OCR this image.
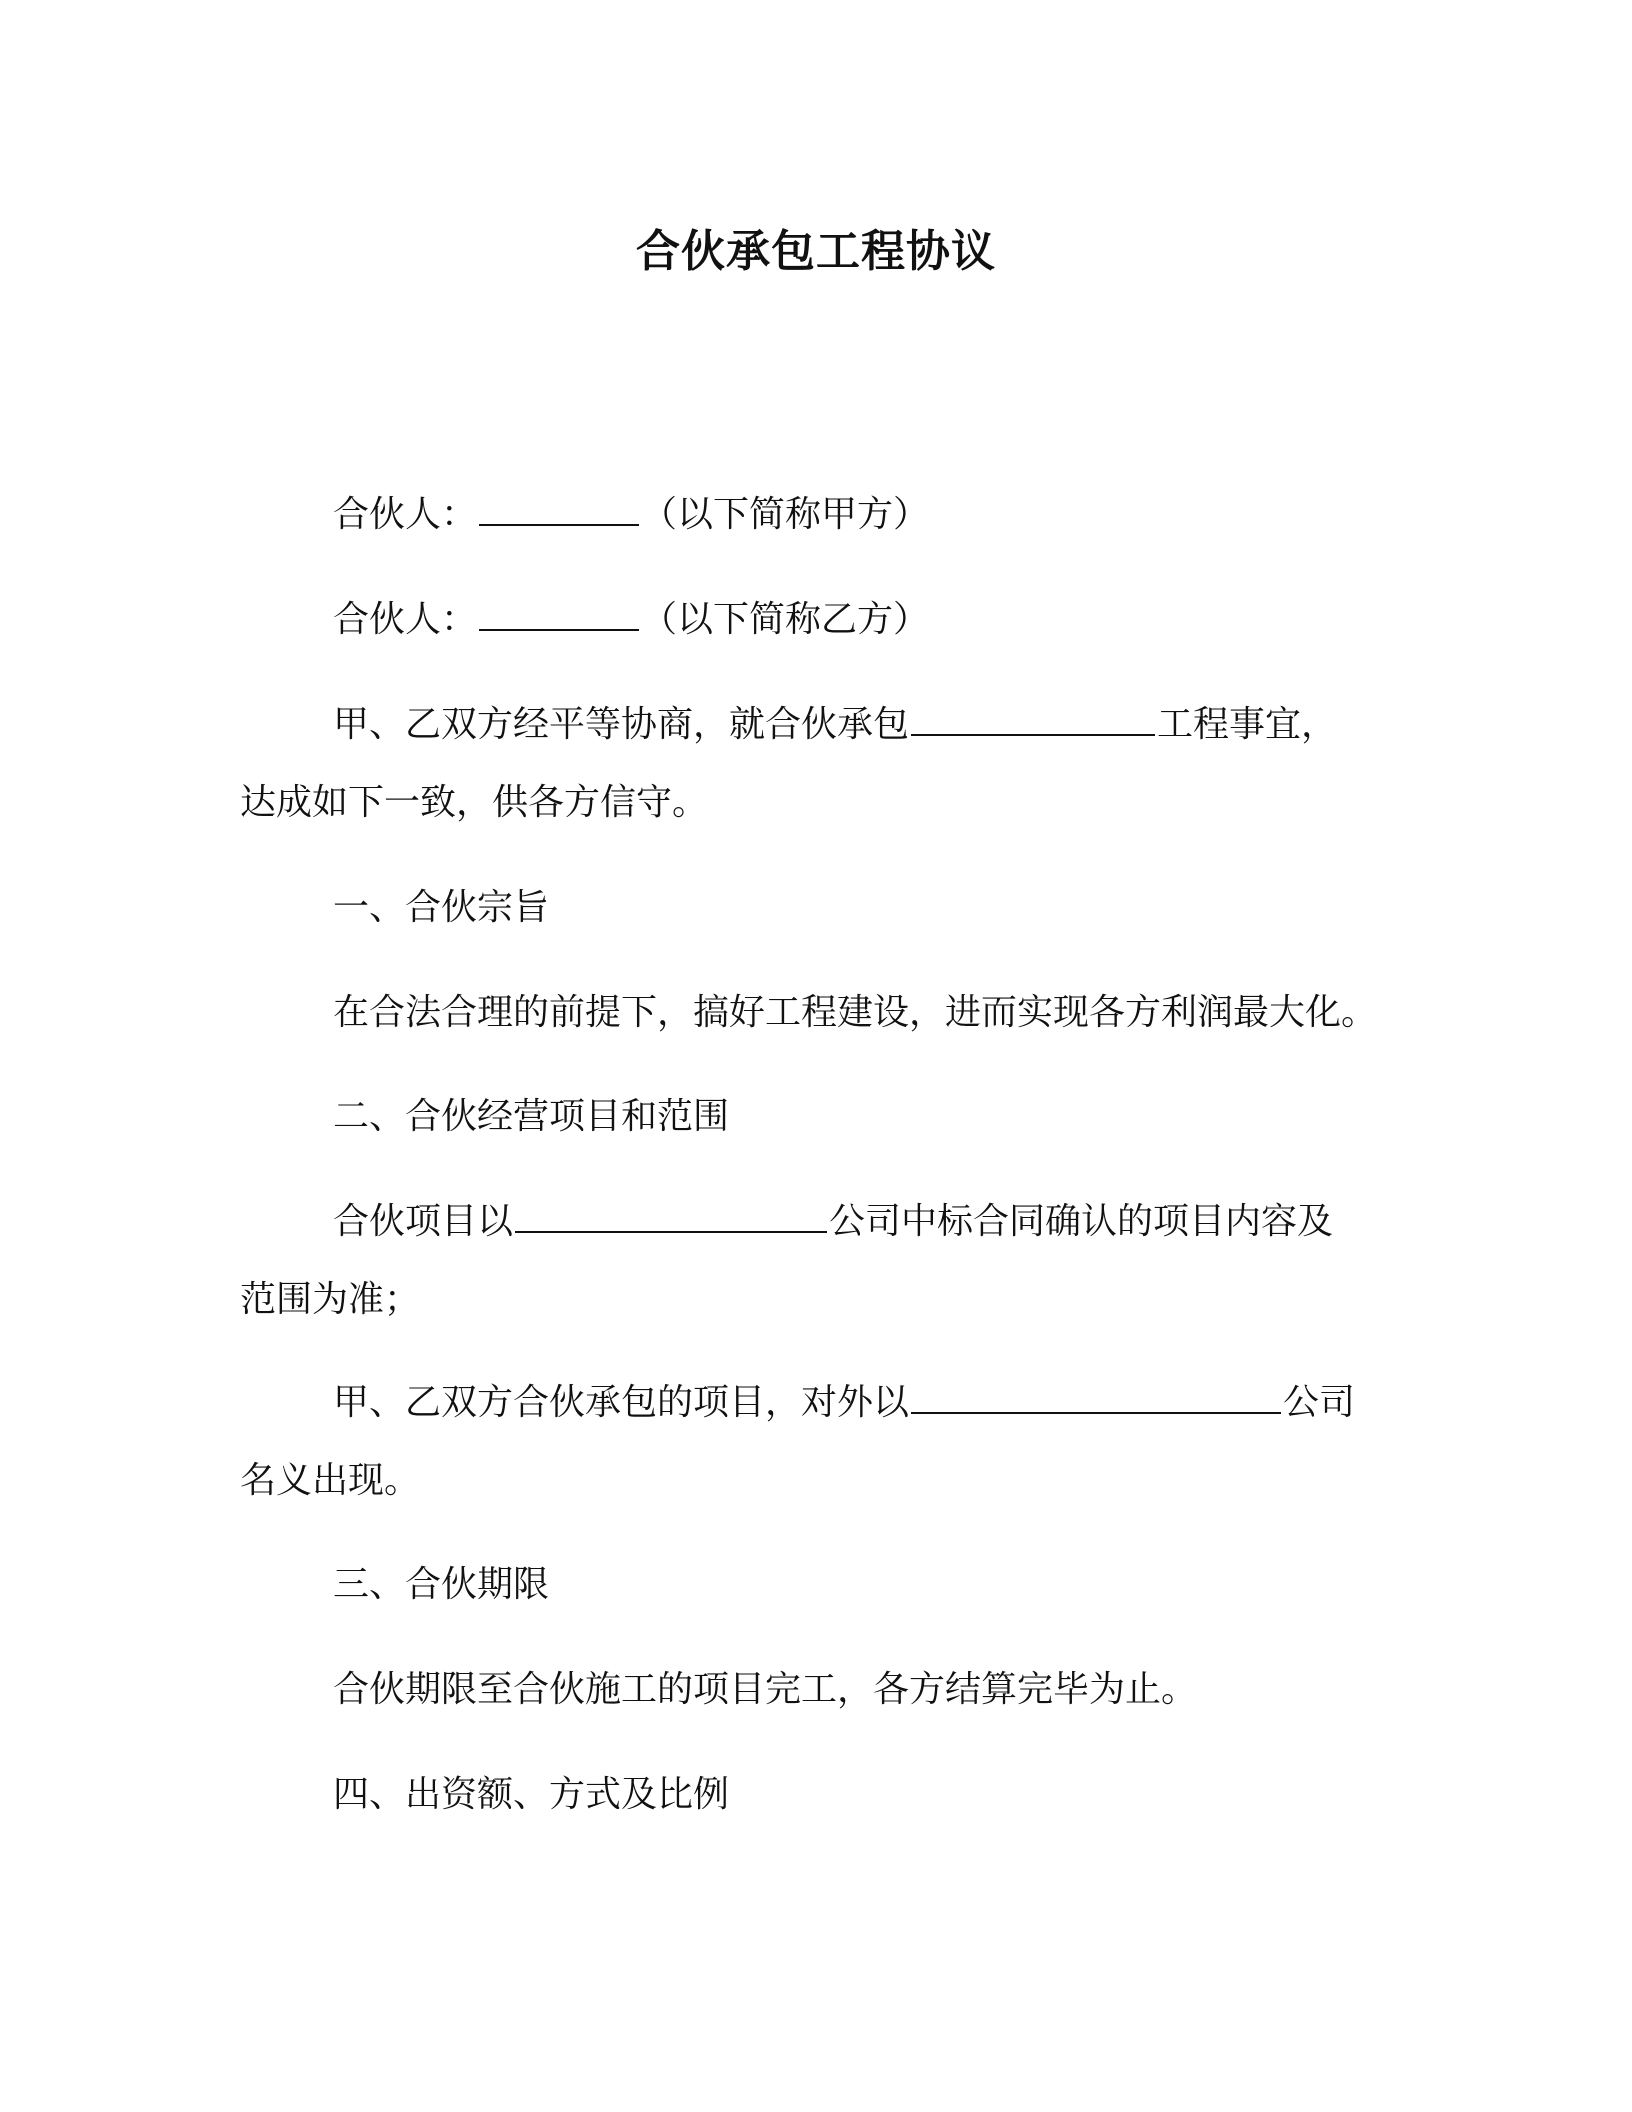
合伙承包工程协议
合伙人：	（以下简称甲方）
合伙人：	（以下简称乙方）
甲、乙双方经平等协商，就合伙承包	工程事宜，
达成如下一致，供各方信守。
一、合伙宗旨
在合法合理的前提下，搞好工程建设，进而实现各方利润最大化。
二、合伙经营项目和范围
合伙项目以	公司中标合同确认的项目内容及
范围为准；
甲、乙双方合伙承包的项目，对外以	公司
名义出现。
三、合伙期限
合伙期限至合伙施工的项目完工，各方结算完毕为止。
四、出资额、方式及比例
